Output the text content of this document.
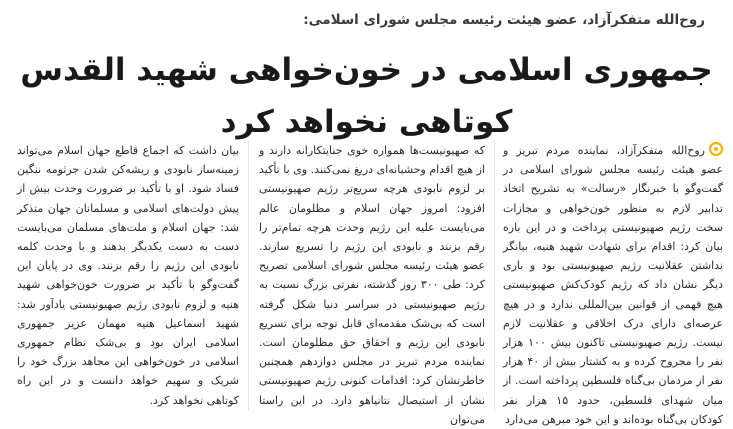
روح‌الله متفکرآزاد، عضو هیئت رئیسه مجلس شورای اسلامی:
جمهوری اسلامی در خون‌خواهی شهید القدس
کوتاهی نخواهد کرد

روح‌الله متفکرآزاد، نماینده مردم تبریز و عضو هیئت رئیسه مجلس شورای اسلامی در گفت‌وگو با خبرنگار «رسالت» به تشریح اتخاذ تدابیر لازم به منظور خون‌خواهی و مجازات سخت رژیم صهیونیستی پرداخت و در این باره بیان کرد: اقدام برای شهادت شهید هنیه، بیانگر نداشتن عقلانیت رژیم صهیونیستی بود و باری دیگر نشان داد که رژیم کودک‌کش صهیونیستی هیچ فهمی از قوانین بین‌المللی ندارد و در هیچ عرصه‌ای دارای درک اخلاقی و عقلانیت لازم نیست. رژیم صهیونیستی تاکنون بیش ۱۰۰ هزار نفر را مجروح کرده و به کشتار بیش از ۴۰ هزار نفر از مردمان بی‌گناه فلسطین پرداخته است. از میان شهدای فلسطین، حدود ۱۵ هزار نفر کودکان بی‌گناه بوده‌اند و این خود مبرهن می‌دارد

که صهیونیست‌ها همواره خوی جنایتکارانه دارند و از هیچ اقدام وحشیانه‌ای دریغ نمی‌کنند. وی با تأکید بر لزوم نابودی هرچه سریع‌تر رژیم صهیونیستی افزود: امروز جهان اسلام و مظلومان عالم می‌بایست علیه این رژیم وحدت هرچه تمام‌تر را رقم بزنند و نابودی این رژیم را تسریع سازند. عضو هیئت رئیسه مجلس شورای اسلامی تصریح کرد: طی ۳۰۰ روز گذشته، نفرتی بزرگ نسبت به رژیم صهیونیستی در سراسر دنیا شکل گرفته است که بی‌شک مقدمه‌ای قابل توجه برای تسریع نابودی این رژیم و احقاق حق مظلومان است. نماینده مردم تبریز در مجلس دوازدهم همچنین خاطرنشان کرد: اقدامات کنونی رژیم صهیونیستی نشان از استیصال نتانیاهو دارد. در این راستا می‌توان

بیان داشت که اجماع قاطع جهان اسلام می‌تواند زمینه‌ساز نابودی و ریشه‌کن شدن جرثومه ننگین فساد شود. او با تأکید بر ضرورت وحدت بیش از پیش دولت‌های اسلامی و مسلمانان جهان متذکر شد: جهان اسلام و ملت‌های مسلمان می‌بایست دست به دست یکدیگر بدهند و با وحدت کلمه نابودی این رژیم را رقم بزنند. وی در پایان این گفت‌وگو با تأکید بر ضرورت خون‌خواهی شهید هنیه و لزوم نابودی رژیم صهیونیستی یادآور شد: شهید اسماعیل هنیه مهمان عزیز جمهوری اسلامی ایران بود و بی‌شک نظام جمهوری اسلامی در خون‌خواهی این مجاهد بزرگ خود را شریک و سهیم خواهد دانست و در این راه کوتاهی نخواهد کرد.
